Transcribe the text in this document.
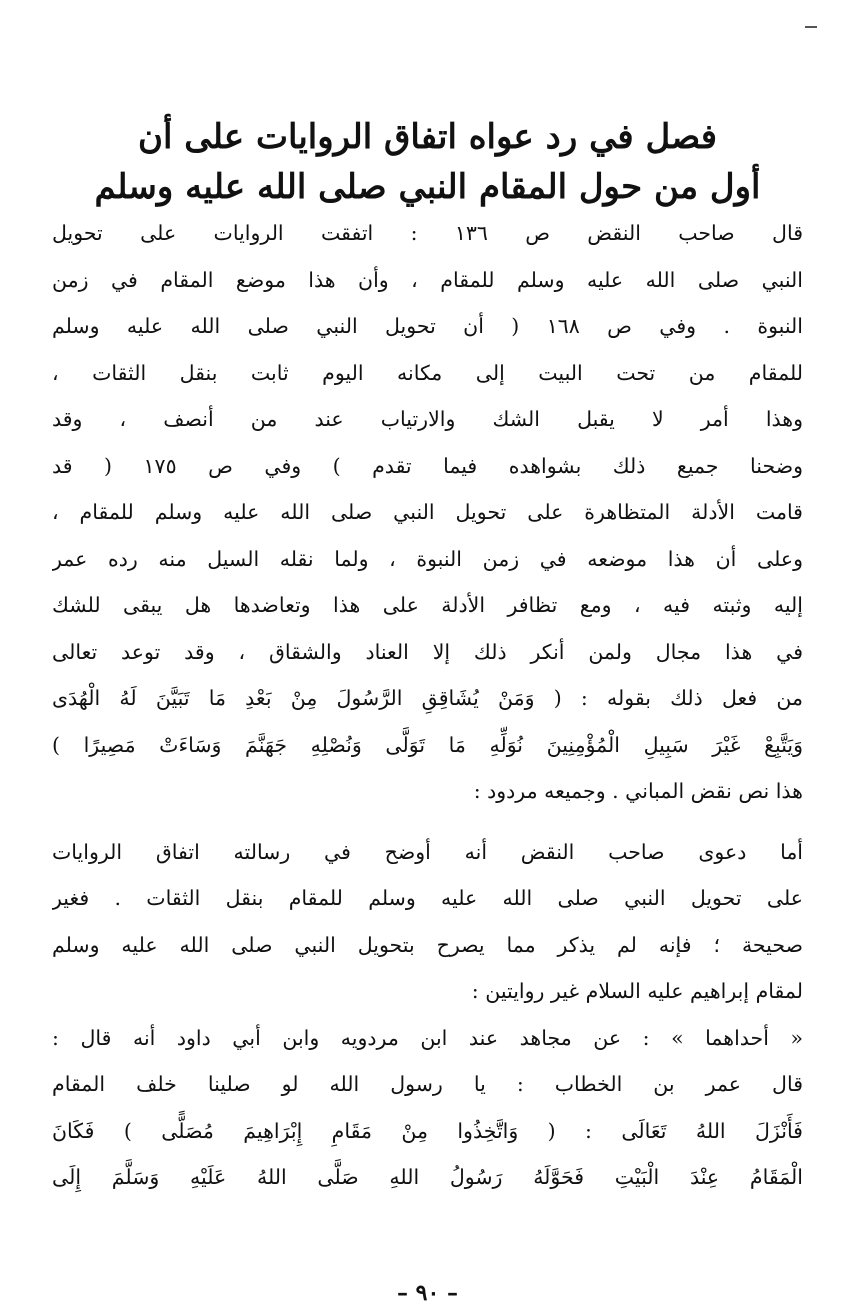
فصل في رد عواه اتفاق الروايات على أن
أول من حول المقام النبي صلى الله عليه وسلم
قال صاحب النقض ص ١٣٦ : اتفقت الروايات على تحويل
النبي صلى الله عليه وسلم للمقام ، وأن هذا موضع المقام في زمن
النبوة . وفي ص ١٦٨ ( أن تحويل النبي صلى الله عليه وسلم
للمقام من تحت البيت إلى مكانه اليوم ثابت بنقل الثقات ،
وهذا أمر لا يقبل الشك والارتياب عند من أنصف ، وقد
وضحنا جميع ذلك بشواهده فيما تقدم ) وفي ص ١٧٥ ( قد
قامت الأدلة المتظاهرة على تحويل النبي صلى الله عليه وسلم للمقام ،
وعلى أن هذا موضعه في زمن النبوة ، ولما نقله السيل منه رده عمر
إليه وثبته فيه ، ومع تظافر الأدلة على هذا وتعاضدها هل يبقى للشك
في هذا مجال ولمن أنكر ذلك إلا العناد والشقاق ، وقد توعد تعالى
من فعل ذلك بقوله : ( وَمَنْ يُشَاقِقِ الرَّسُولَ مِنْ بَعْدِ مَا تَبَيَّنَ لَهُ الْهُدَى
وَيَتَّبِعْ غَيْرَ سَبِيلِ الْمُؤْمِنِينَ نُوَلِّهِ مَا تَوَلَّى وَنُصْلِهِ جَهَنَّمَ وَسَاءَتْ مَصِيرًا )
هذا نص نقض المباني . وجميعه مردود :
أما دعوى صاحب النقض أنه أوضح في رسالته اتفاق الروايات
على تحويل النبي صلى الله عليه وسلم للمقام بنقل الثقات . فغير
صحيحة ؛ فإنه لم يذكر مما يصرح بتحويل النبي صلى الله عليه وسلم
لمقام إبراهيم عليه السلام غير روايتين :
« أحداهما » : عن مجاهد عند ابن مردويه وابن أبي داود أنه قال :
قال عمر بن الخطاب : يا رسول الله لو صلينا خلف المقام
فَأَنْزَلَ اللهُ تَعَالَى : ( وَاتَّخِذُوا مِنْ مَقَامِ إِبْرَاهِيمَ مُصَلًّى ) فَكَانَ
الْمَقَامُ عِنْدَ الْبَيْتِ فَحَوَّلَهُ رَسُولُ اللهِ صَلَّى اللهُ عَلَيْهِ وَسَلَّمَ إِلَى
– ٩٠ –
